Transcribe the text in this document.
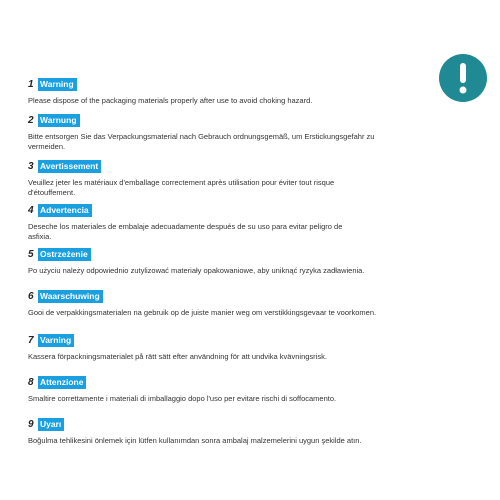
1 Warning
Please dispose of the packaging materials properly after use to avoid choking hazard.
2 Warnung
Bitte entsorgen Sie das Verpackungsmaterial nach Gebrauch ordnungsgemäß, um Erstickungsgefahr zu
vermeiden.
3 Avertissement
Veuillez jeter les matériaux d'emballage correctement après utilisation pour éviter tout risque
d'étouffement.
4 Advertencia
Deseche los materiales de embalaje adecuadamente después de su uso para evitar peligro de
asfixia.
5 Ostrzeżenie
Po użyciu należy odpowiednio zutylizować materiały opakowaniowe, aby uniknąć ryzyka zadławienia.
6 Waarschuwing
Gooi de verpakkingsmaterialen na gebruik op de juiste manier weg om verstikkingsgevaar te voorkomen.
7 Varning
Kassera förpackningsmaterialet på rätt sätt efter användning för att undvika kvävningsrisk.
8 Attenzione
Smaltire correttamente i materiali di imballaggio dopo l'uso per evitare rischi di soffocamento.
9 Uyarı
Boğulma tehlikesini önlemek için lütfen kullanımdan sonra ambalaj malzemelerini uygun şekilde atın.
